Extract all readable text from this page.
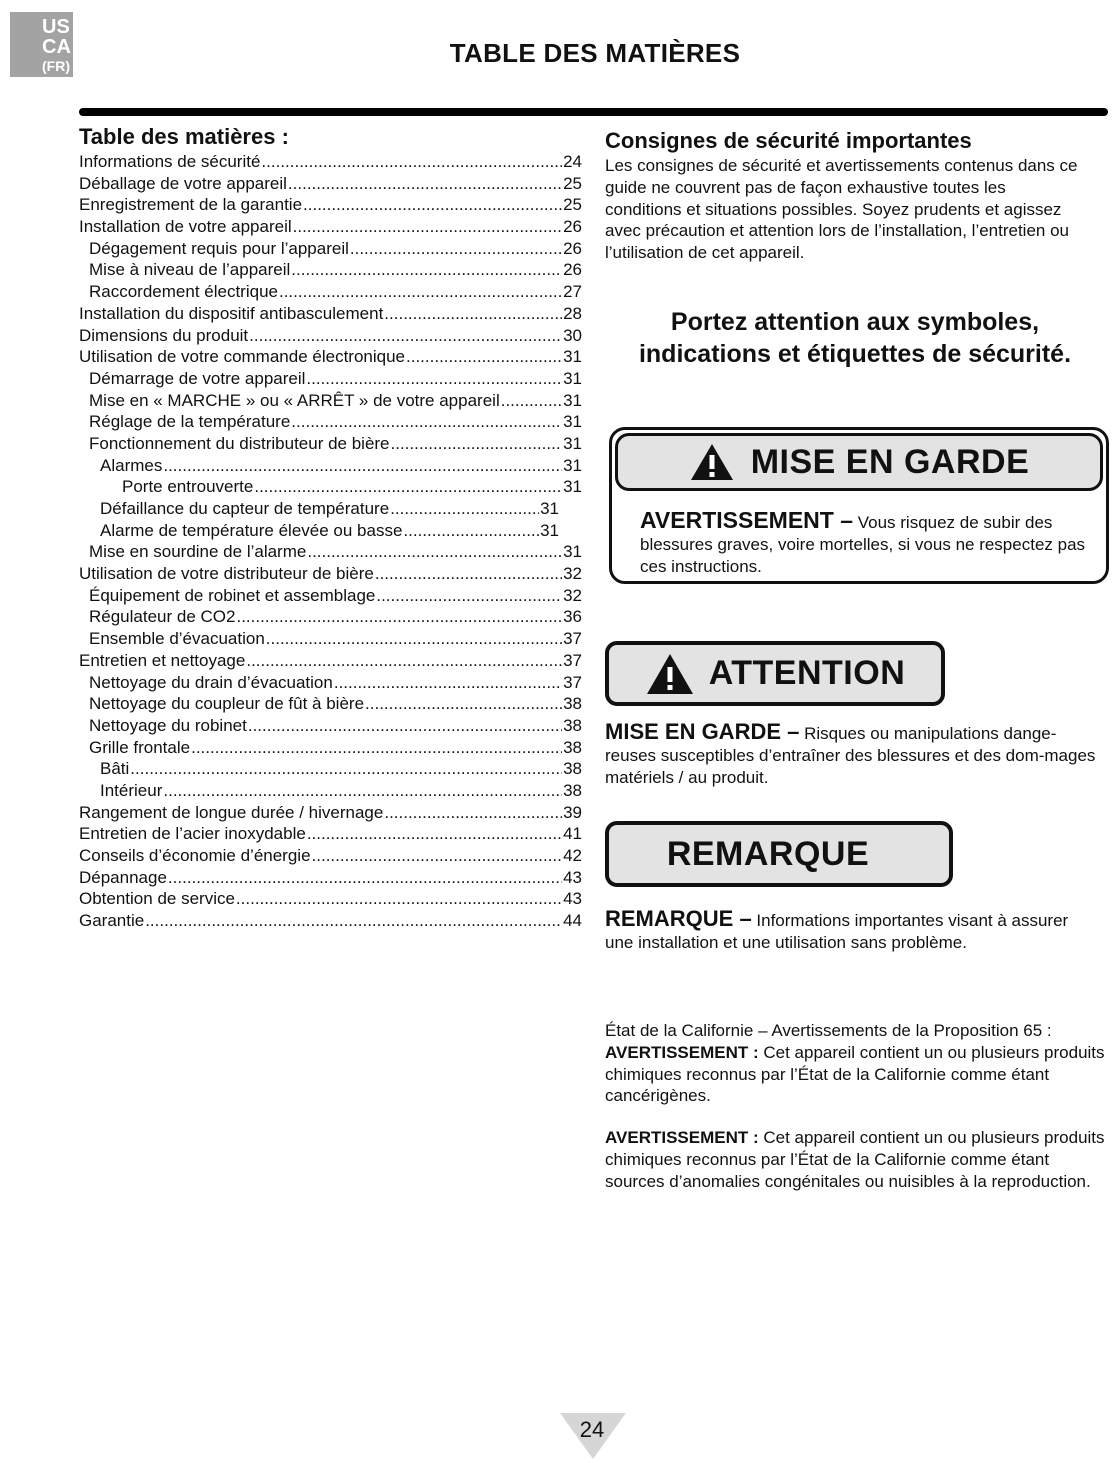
US
CA
(FR)	TABLE DES MATIÈRES
Table des matières :
Informations de sécurité .....	24
Déballage de votre appareil .....	25
Enregistrement de la garantie .....	25
Installation de votre appareil .....	26
Dégagement requis pour l’appareil .....	26
Mise à niveau de l’appareil .....	26
Raccordement électrique .....	27
Installation du dispositif antibasculement .....	28
Dimensions du produit .....	30
Utilisation de votre commande électronique .....	31
Démarrage de votre appareil .....	31
Mise en « MARCHE » ou « ARRÊT » de votre appareil .....	31
Réglage de la température .....	31
Fonctionnement du distributeur de bière .....	31
Alarmes .....	31
Porte entrouverte .....	31
Défaillance du capteur de température .....	31
Alarme de température élevée ou basse .....	31
Mise en sourdine de l’alarme .....	31
Utilisation de votre distributeur de bière .....	32
Équipement de robinet et assemblage .....	32
Régulateur de CO2 .....	36
Ensemble d’évacuation .....	37
Entretien et nettoyage .....	37
Nettoyage du drain d’évacuation .....	37
Nettoyage du coupleur de fût à bière .....	38
Nettoyage du robinet .....	38
Grille frontale .....	38
Bâti .....	38
Intérieur .....	38
Rangement de longue durée / hivernage .....	39
Entretien de l’acier inoxydable .....	41
Conseils d’économie d’énergie .....	42
Dépannage .....	43
Obtention de service .....	43
Garantie .....	44
Consignes de sécurité importantes

Les consignes de sécurité et avertissements contenus dans ce guide ne couvrent pas de façon exhaustive toutes les conditions et situations possibles. Soyez prudents et agissez avec précaution et attention lors de l’installation, l’entretien ou l’utilisation de cet appareil.

Portez attention aux symboles, indications et étiquettes de sécurité.

MISE EN GARDE

AVERTISSEMENT – Vous risquez de subir des blessures graves, voire mortelles, si vous ne respectez pas ces instructions.

ATTENTION

MISE EN GARDE – Risques ou manipulations dange-reuses susceptibles d’entraîner des blessures et des dom-mages matériels / au produit.

REMARQUE

REMARQUE – Informations importantes visant à assurer une installation et une utilisation sans problème.

État de la Californie – Avertissements de la Proposition 65 :
AVERTISSEMENT : Cet appareil contient un ou plusieurs produits chimiques reconnus par l’État de la Californie comme étant cancérigènes.

AVERTISSEMENT : Cet appareil contient un ou plusieurs produits chimiques reconnus par l’État de la Californie comme étant sources d’anomalies congénitales ou nuisibles à la reproduction.

24
